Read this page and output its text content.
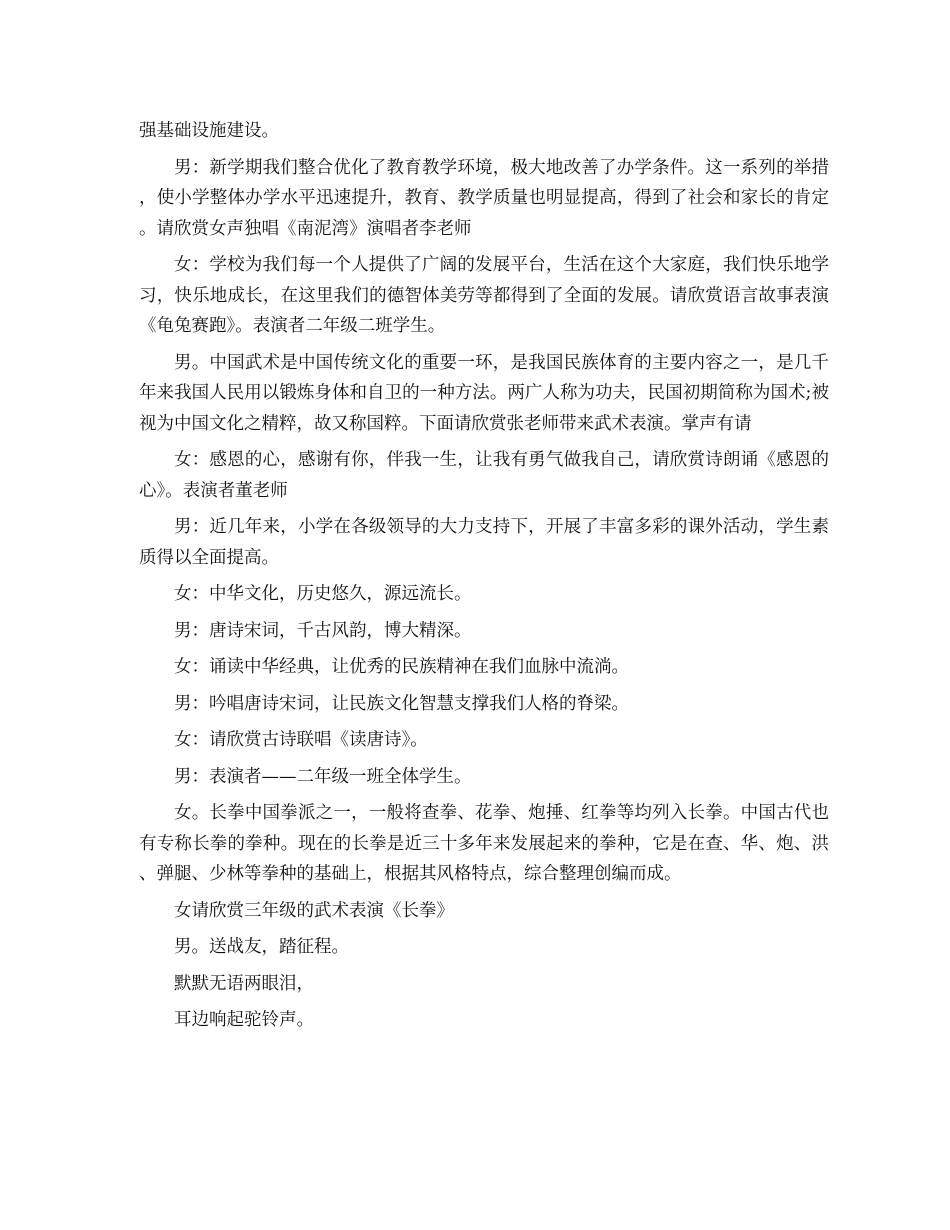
强基础设施建设。

男：新学期我们整合优化了教育教学环境，极大地改善了办学条件。这一系列的举措，使小学整体办学水平迅速提升，教育、教学质量也明显提高，得到了社会和家长的肯定。请欣赏女声独唱《南泥湾》演唱者李老师

女：学校为我们每一个人提供了广阔的发展平台，生活在这个大家庭，我们快乐地学习，快乐地成长，在这里我们的德智体美劳等都得到了全面的发展。请欣赏语言故事表演《龟兔赛跑》。表演者二年级二班学生。

男。中国武术是中国传统文化的重要一环，是我国民族体育的主要内容之一，是几千年来我国人民用以锻炼身体和自卫的一种方法。两广人称为功夫，民国初期简称为国术;被视为中国文化之精粹，故又称国粹。下面请欣赏张老师带来武术表演。掌声有请

女：感恩的心，感谢有你，伴我一生，让我有勇气做我自己，请欣赏诗朗诵《感恩的心》。表演者董老师

男：近几年来，小学在各级领导的大力支持下，开展了丰富多彩的课外活动，学生素质得以全面提高。

女：中华文化，历史悠久，源远流长。

男：唐诗宋词，千古风韵，博大精深。

女：诵读中华经典，让优秀的民族精神在我们血脉中流淌。

男：吟唱唐诗宋词，让民族文化智慧支撑我们人格的脊梁。

女：请欣赏古诗联唱《读唐诗》。

男：表演者——二年级一班全体学生。

女。长拳中国拳派之一，一般将查拳、花拳、炮捶、红拳等均列入长拳。中国古代也有专称长拳的拳种。现在的长拳是近三十多年来发展起来的拳种，它是在查、华、炮、洪、弹腿、少林等拳种的基础上，根据其风格特点，综合整理创编而成。

女请欣赏三年级的武术表演《长拳》

男。送战友，踏征程。

默默无语两眼泪，

耳边响起驼铃声。
